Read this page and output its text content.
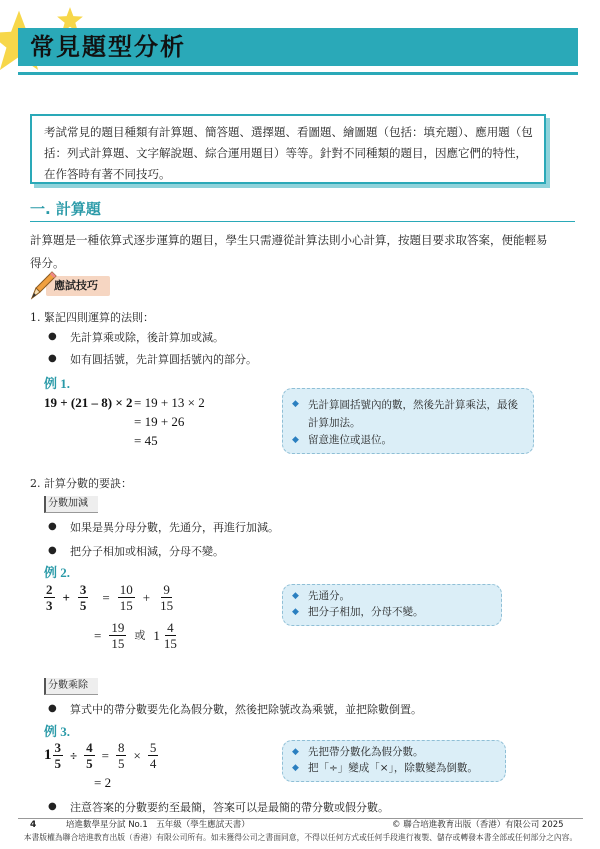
常見題型分析
考試常見的題目種類有計算題、簡答題、選擇題、看圖題、繪圖題（包括：填充題）、應用題（包括：列式計算題、文字解說題、綜合運用題目）等等。針對不同種類的題目，因應它們的特性，在作答時有著不同技巧。
一. 計算題
計算題是一種依算式逐步運算的題目，學生只需遵從計算法則小心計算，按題目要求取答案，便能輕易得分。
應試技巧
1. 緊記四則運算的法則：
● 先計算乘或除，後計算加或減。
● 如有圓括號，先計算圓括號內的部分。
例 1.
19 + (21 – 8) × 2 = 19 + 13 × 2
= 19 + 26
= 45
◆ 先計算圓括號內的數，然後先計算乘法，最後計算加法。
◆ 留意進位或退位。
2. 計算分數的要訣：
分數加減
● 如果是異分母分數，先通分，再進行加減。
● 把分子相加或相減，分母不變。
例 2.
$\frac{2}{3} + \frac{3}{5} = \frac{10}{15} + \frac{9}{15}$
= $\frac{19}{15}$ 或 $1 \frac{4}{15}$
◆ 先通分。
◆ 把分子相加，分母不變。
分數乘除
● 算式中的帶分數要先化為假分數，然後把除號改為乘號，並把除數倒置。
例 3.
$1 \frac{3}{5} \div \frac{4}{5} = \frac{8}{5} \times \frac{5}{4}$
= 2
◆ 先把帶分數化為假分數。
◆ 把「÷」變成「×」，除數變為倒數。
● 注意答案的分數要約至最簡，答案可以是最簡的帶分數或假分數。
4	培進數學星分試 No.1　五年級（學生應試天書）	© 聯合培進教育出版（香港）有限公司 2025
本書版權為聯合培進教育出版（香港）有限公司所有。如未獲得公司之書面同意，不得以任何方式或任何手段進行複製、儲存或轉發本書全部或任何部分之內容。
